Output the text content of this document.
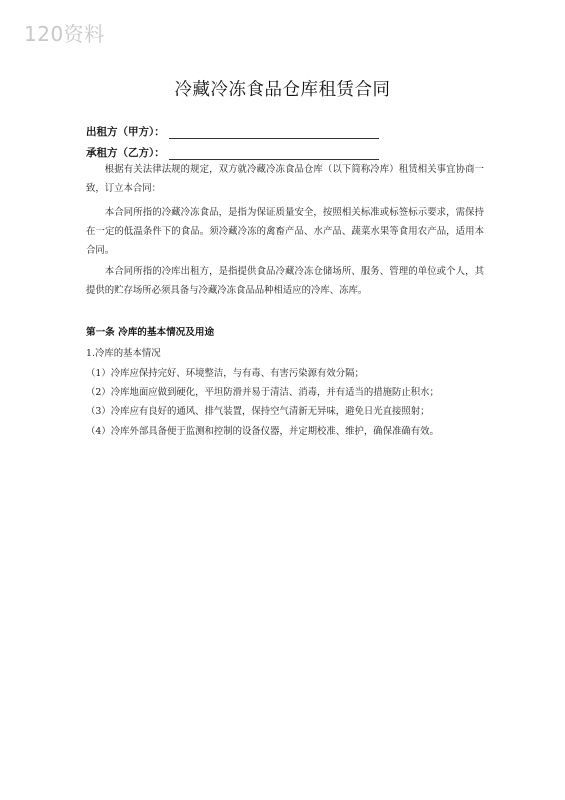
120资料
冷藏冷冻食品仓库租赁合同
出租方（甲方）：
承租方（乙方）：

根据有关法律法规的规定，双方就冷藏冷冻食品仓库（以下简称冷库）租赁相关事宜协商一致，订立本合同：

本合同所指的冷藏冷冻食品，是指为保证质量安全，按照相关标准或标签标示要求，需保持在一定的低温条件下的食品。须冷藏冷冻的禽畜产品、水产品、蔬菜水果等食用农产品，适用本合同。

本合同所指的冷库出租方，是指提供食品冷藏冷冻仓储场所、服务、管理的单位或个人，其提供的贮存场所必须具备与冷藏冷冻食品品种相适应的冷库、冻库。

第一条 冷库的基本情况及用途
1.冷库的基本情况
（1）冷库应保持完好、环境整洁，与有毒、有害污染源有效分隔；
（2）冷库地面应做到硬化，平坦防滑并易于清洁、消毒，并有适当的措施防止积水；
（3）冷库应有良好的通风、排气装置，保持空气清新无异味，避免日光直接照射；
（4）冷库外部具备便于监测和控制的设备仪器，并定期校准、维护，确保准确有效。
